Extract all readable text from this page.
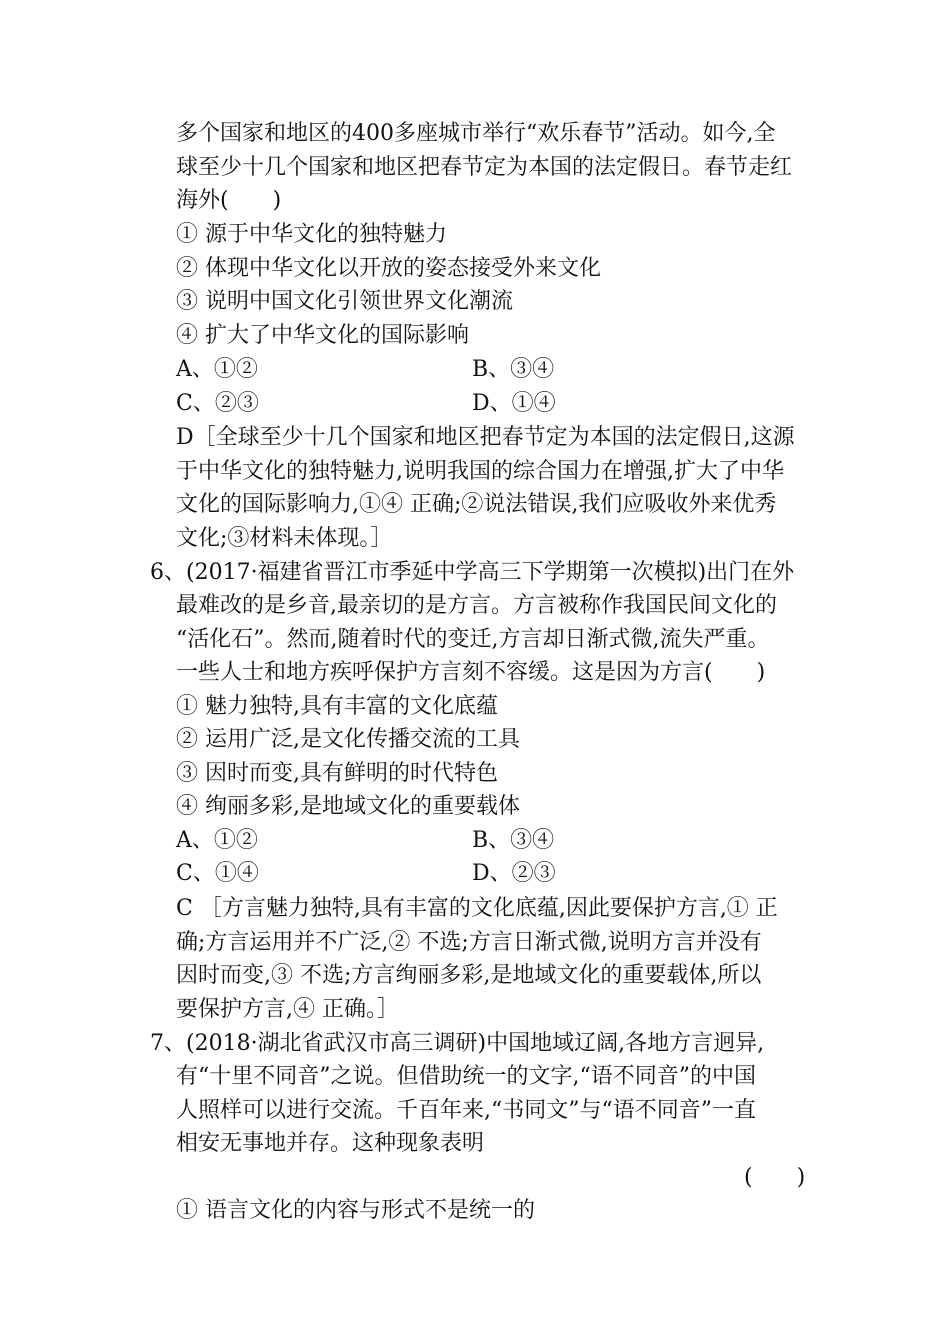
多个国家和地区的400多座城市举行“欢乐春节”活动。如今,全
球至少十几个国家和地区把春节定为本国的法定假日。春节走红
海外(　　)
① 源于中华文化的独特魅力
② 体现中华文化以开放的姿态接受外来文化
③ 说明中国文化引领世界文化潮流
④ 扩大了中华文化的国际影响
A、①②	B、③④
C、②③	D、①④
D［全球至少十几个国家和地区把春节定为本国的法定假日,这源
于中华文化的独特魅力,说明我国的综合国力在增强,扩大了中华
文化的国际影响力,①④ 正确;②说法错误,我们应吸收外来优秀
文化;③材料未体现。］
6、(2017·福建省晋江市季延中学高三下学期第一次模拟)出门在外
最难改的是乡音,最亲切的是方言。方言被称作我国民间文化的
“活化石”。然而,随着时代的变迁,方言却日渐式微,流失严重。
一些人士和地方疾呼保护方言刻不容缓。这是因为方言(　　)
① 魅力独特,具有丰富的文化底蕴
② 运用广泛,是文化传播交流的工具
③ 因时而变,具有鲜明的时代特色
④ 绚丽多彩,是地域文化的重要载体
A、①②	B、③④
C、①④	D、②③
C ［方言魅力独特,具有丰富的文化底蕴,因此要保护方言,① 正
确;方言运用并不广泛,② 不选;方言日渐式微,说明方言并没有
因时而变,③ 不选;方言绚丽多彩,是地域文化的重要载体,所以
要保护方言,④ 正确。］
7、(2018·湖北省武汉市高三调研)中国地域辽阔,各地方言迥异,
有“十里不同音”之说。但借助统一的文字,“语不同音”的中国
人照样可以进行交流。千百年来,“书同文”与“语不同音”一直
相安无事地并存。这种现象表明
(　　)
① 语言文化的内容与形式不是统一的
